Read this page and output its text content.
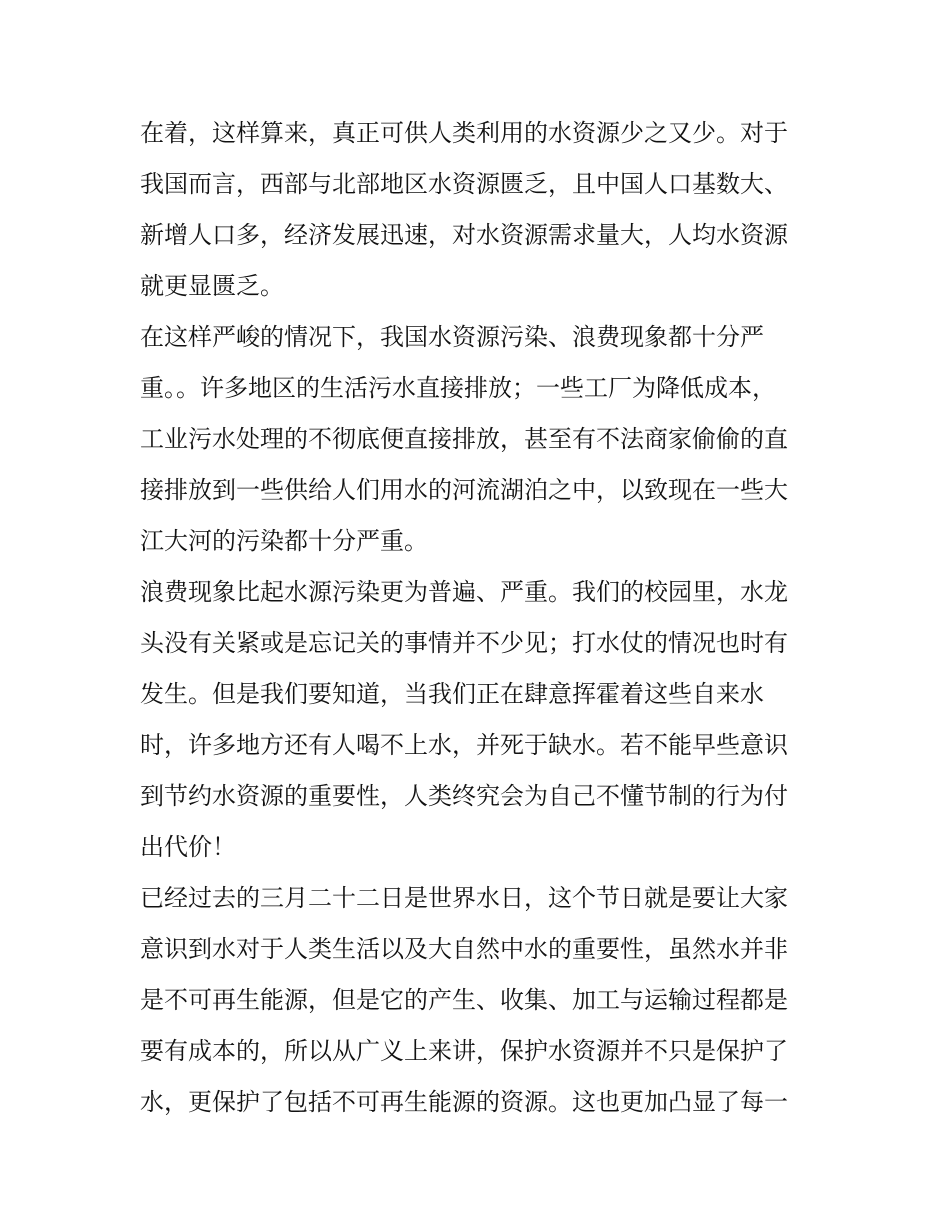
在着，这样算来，真正可供人类利用的水资源少之又少。对于
我国而言，西部与北部地区水资源匮乏，且中国人口基数大、
新增人口多，经济发展迅速，对水资源需求量大，人均水资源
就更显匮乏。
在这样严峻的情况下，我国水资源污染、浪费现象都十分严
重。。许多地区的生活污水直接排放；一些工厂为降低成本，
工业污水处理的不彻底便直接排放，甚至有不法商家偷偷的直
接排放到一些供给人们用水的河流湖泊之中，以致现在一些大
江大河的污染都十分严重。
浪费现象比起水源污染更为普遍、严重。我们的校园里，水龙
头没有关紧或是忘记关的事情并不少见；打水仗的情况也时有
发生。但是我们要知道，当我们正在肆意挥霍着这些自来水
时，许多地方还有人喝不上水，并死于缺水。若不能早些意识
到节约水资源的重要性，人类终究会为自己不懂节制的行为付
出代价！
已经过去的三月二十二日是世界水日，这个节日就是要让大家
意识到水对于人类生活以及大自然中水的重要性，虽然水并非
是不可再生能源，但是它的产生、收集、加工与运输过程都是
要有成本的，所以从广义上来讲，保护水资源并不只是保护了
水，更保护了包括不可再生能源的资源。这也更加凸显了每一
